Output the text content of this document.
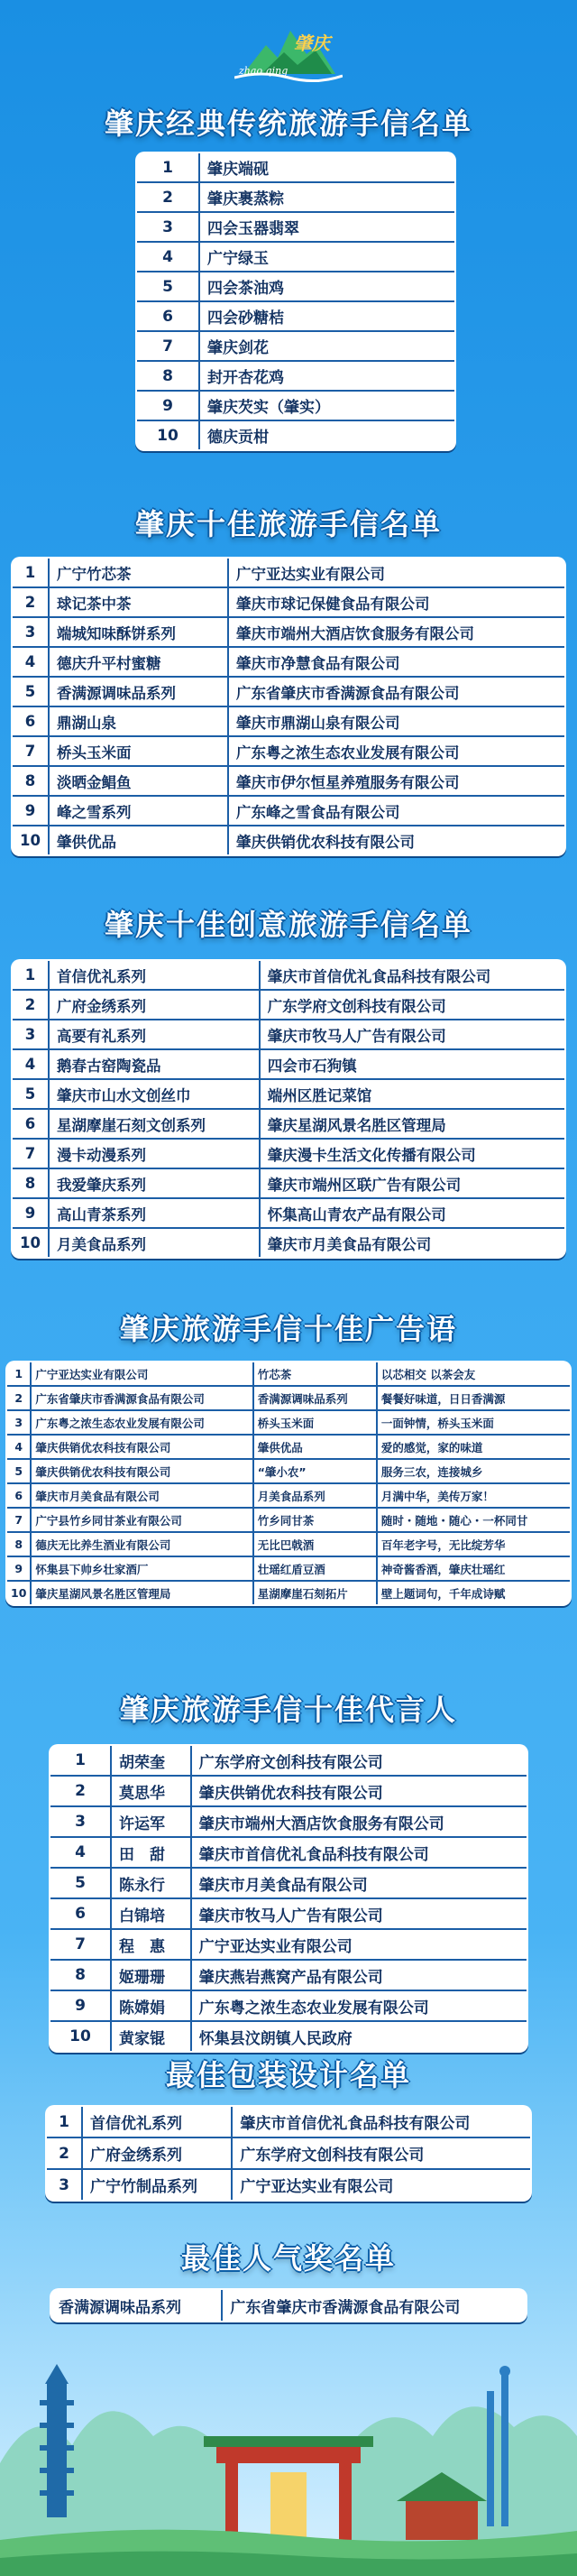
肇庆
zhao qing
肇庆经典传统旅游手信名单
1	肇庆端砚
2	肇庆裹蒸粽
3	四会玉器翡翠
4	广宁绿玉
5	四会茶油鸡
6	四会砂糖桔
7	肇庆剑花
8	封开杏花鸡
9	肇庆芡实（肇实）
10	德庆贡柑
肇庆十佳旅游手信名单
1	广宁竹芯茶	广宁亚达实业有限公司
2	球记茶中茶	肇庆市球记保健食品有限公司
3	端城知味酥饼系列	肇庆市端州大酒店饮食服务有限公司
4	德庆升平村蜜糖	肇庆市净慧食品有限公司
5	香满源调味品系列	广东省肇庆市香满源食品有限公司
6	鼎湖山泉	肇庆市鼎湖山泉有限公司
7	桥头玉米面	广东粤之浓生态农业发展有限公司
8	淡晒金鲳鱼	肇庆市伊尔恒星养殖服务有限公司
9	峰之雪系列	广东峰之雪食品有限公司
10	肇供优品	肇庆供销优农科技有限公司
肇庆十佳创意旅游手信名单
1	首信优礼系列	肇庆市首信优礼食品科技有限公司
2	广府金绣系列	广东学府文创科技有限公司
3	高要有礼系列	肇庆市牧马人广告有限公司
4	鹅春古窑陶瓷品	四会市石狗镇
5	肇庆市山水文创丝巾	端州区胜记菜馆
6	星湖摩崖石刻文创系列	肇庆星湖风景名胜区管理局
7	漫卡动漫系列	肇庆漫卡生活文化传播有限公司
8	我爱肇庆系列	肇庆市端州区联广告有限公司
9	高山青茶系列	怀集高山青农产品有限公司
10	月美食品系列	肇庆市月美食品有限公司
肇庆旅游手信十佳广告语
1	广宁亚达实业有限公司	竹芯茶	以芯相交 以茶会友
2	广东省肇庆市香满源食品有限公司	香满源调味品系列	餐餐好味道，日日香满源
3	广东粤之浓生态农业发展有限公司	桥头玉米面	一面钟情，桥头玉米面
4	肇庆供销优农科技有限公司	肇供优品	爱的感觉，家的味道
5	肇庆供销优农科技有限公司	“肇小农”	服务三农，连接城乡
6	肇庆市月美食品有限公司	月美食品系列	月满中华，美传万家！
7	广宁县竹乡同甘茶业有限公司	竹乡同甘茶	随时・随地・随心・一杯同甘
8	德庆无比养生酒业有限公司	无比巴戟酒	百年老字号，无比绽芳华
9	怀集县下帅乡壮家酒厂	壮瑶红盾豆酒	神奇酱香酒，肇庆壮瑶红
10	肇庆星湖风景名胜区管理局	星湖摩崖石刻拓片	壁上题词句，千年成诗赋
肇庆旅游手信十佳代言人
1	胡荣奎	广东学府文创科技有限公司
2	莫思华	肇庆供销优农科技有限公司
3	许运军	肇庆市端州大酒店饮食服务有限公司
4	田　甜	肇庆市首信优礼食品科技有限公司
5	陈永行	肇庆市月美食品有限公司
6	白锦培	肇庆市牧马人广告有限公司
7	程　惠	广宁亚达实业有限公司
8	姬珊珊	肇庆燕岩燕窝产品有限公司
9	陈嫦娟	广东粤之浓生态农业发展有限公司
10	黄家锟	怀集县汶朗镇人民政府
最佳包装设计名单
1	首信优礼系列	肇庆市首信优礼食品科技有限公司
2	广府金绣系列	广东学府文创科技有限公司
3	广宁竹制品系列	广宁亚达实业有限公司
最佳人气奖名单
香满源调味品系列	广东省肇庆市香满源食品有限公司
